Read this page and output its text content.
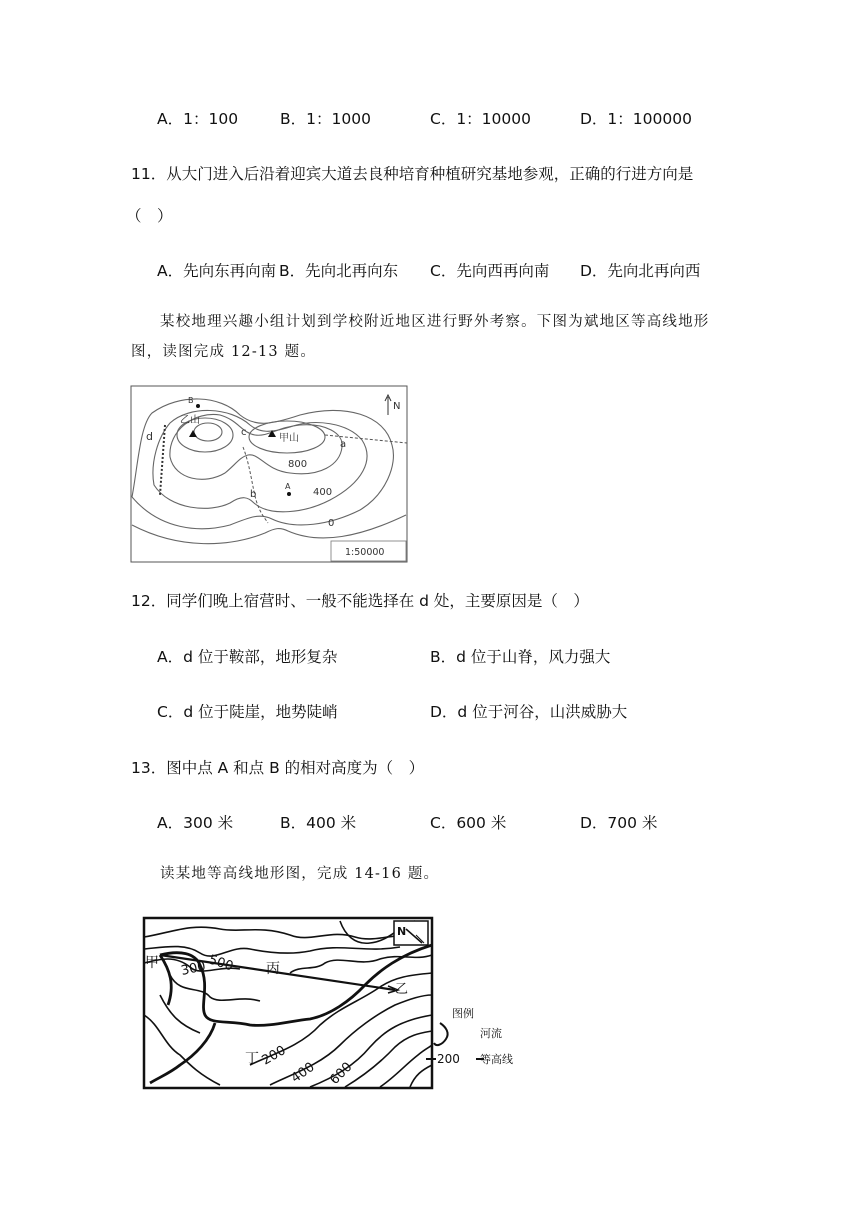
A．1：100	B．1：1000	C．1：10000	D．1：100000
11．从大门进入后沿着迎宾大道去良种培育种植研究基地参观，正确的行进方向是
（　）
A．先向东再向南 B．先向北再向东 C．先向西再向南 D．先向北再向西
某校地理兴趣小组计划到学校附近地区进行野外考察。下图为斌地区等高线地形
图，读图完成 12-13 题。
N
乙山
甲山
c
d
a
b
B
A
800
400
0
1:50000
12．同学们晚上宿营时、一般不能选择在 d 处，主要原因是（　）
A．d 位于鞍部，地形复杂	B．d 位于山脊，风力强大
C．d 位于陡崖，地势陡峭	D．d 位于河谷，山洪威胁大
13．图中点 A 和点 B 的相对高度为（　）
A．300 米	B．400 米	C．600 米	D．700 米
读某地等高线地形图，完成 14-16 题。
N
甲
乙
丙
丁
500
300
200
400 600
图例
河流
200 等高线
